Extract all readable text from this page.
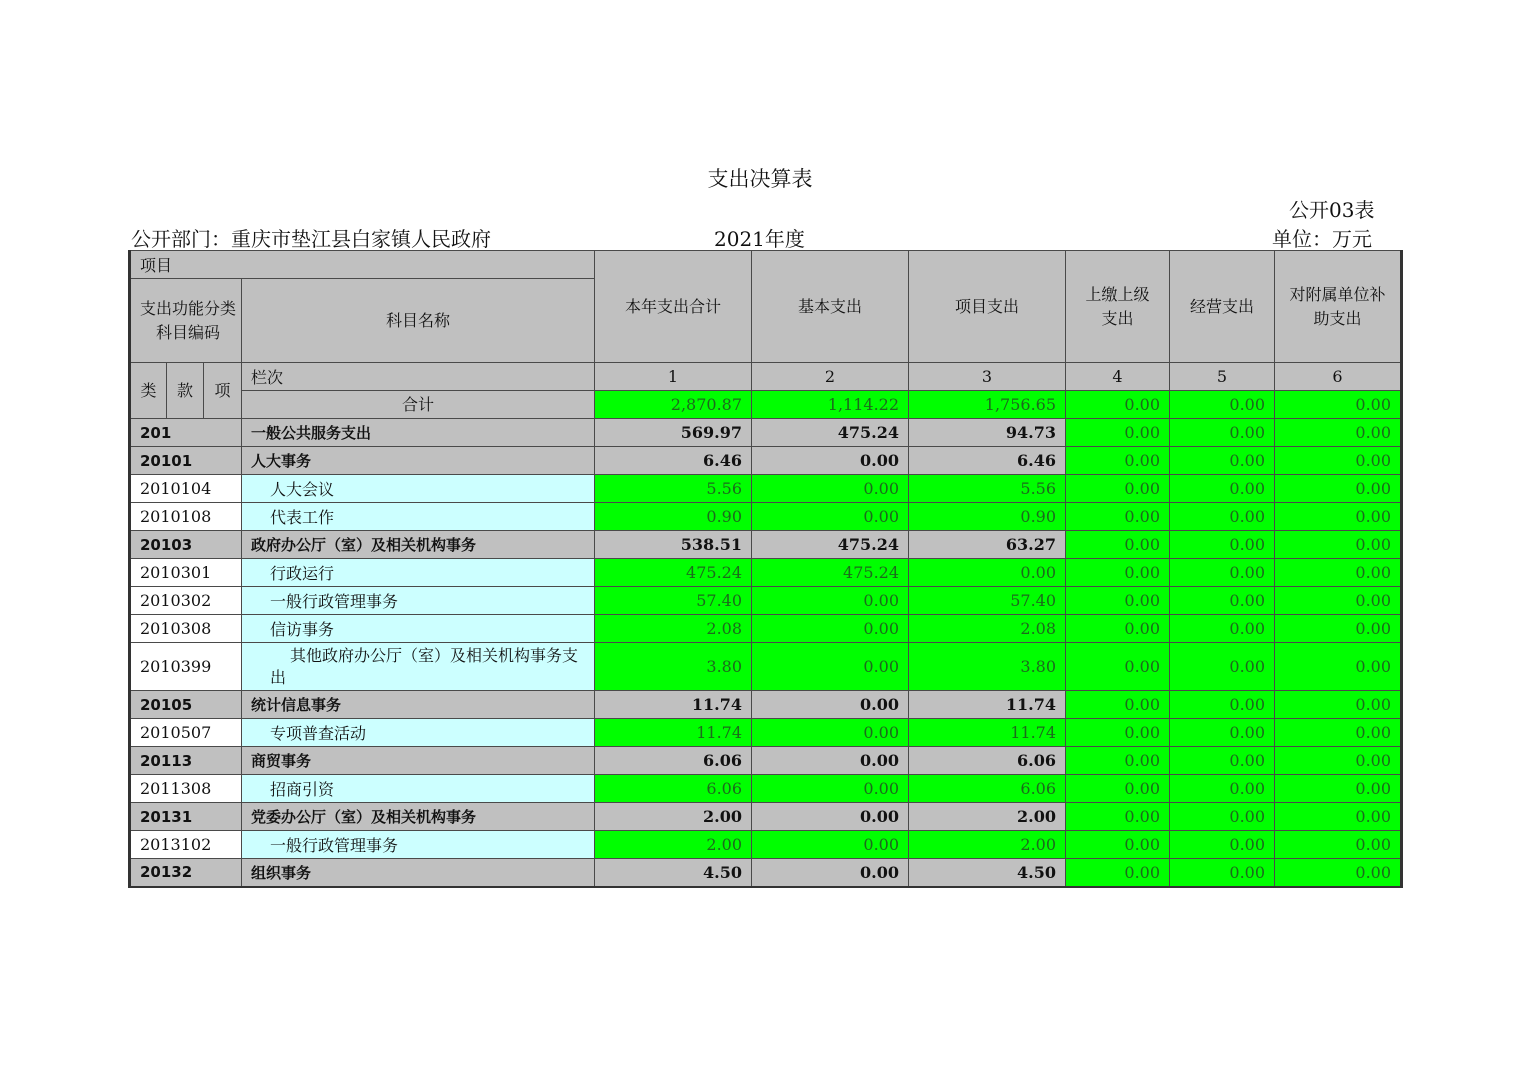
支出决算表
公开03表
公开部门：重庆市垫江县白家镇人民政府	2021年度	单位：万元
项目				本年支出合计	基本支出	项目支出	上缴上级支出	经营支出	对附属单位补助支出

支出功能分类科目编码			科目名称						
类	款	项	栏次	1	2	3	4	5	6
			合计	2,870.87	1,114.22	1,756.65	0.00	0.00	0.00
201			一般公共服务支出	569.97	475.24	94.73	0.00	0.00	0.00
20101			人大事务	6.46	0.00	6.46	0.00	0.00	0.00
2010104			人大会议	5.56	0.00	5.56	0.00	0.00	0.00
2010108			代表工作	0.90	0.00	0.90	0.00	0.00	0.00
20103			政府办公厅（室）及相关机构事务	538.51	475.24	63.27	0.00	0.00	0.00
2010301			行政运行	475.24	475.24	0.00	0.00	0.00	0.00
2010302			一般行政管理事务	57.40	0.00	57.40	0.00	0.00	0.00
2010308			信访事务	2.08	0.00	2.08	0.00	0.00	0.00
2010399			其他政府办公厅（室）及相关机构事务支出	3.80	0.00	3.80	0.00	0.00	0.00
20105			统计信息事务	11.74	0.00	11.74	0.00	0.00	0.00
2010507			专项普查活动	11.74	0.00	11.74	0.00	0.00	0.00
20113			商贸事务	6.06	0.00	6.06	0.00	0.00	0.00
2011308			招商引资	6.06	0.00	6.06	0.00	0.00	0.00
20131			党委办公厅（室）及相关机构事务	2.00	0.00	2.00	0.00	0.00	0.00
2013102			一般行政管理事务	2.00	0.00	2.00	0.00	0.00	0.00
20132			组织事务	4.50	0.00	4.50	0.00	0.00	0.00
